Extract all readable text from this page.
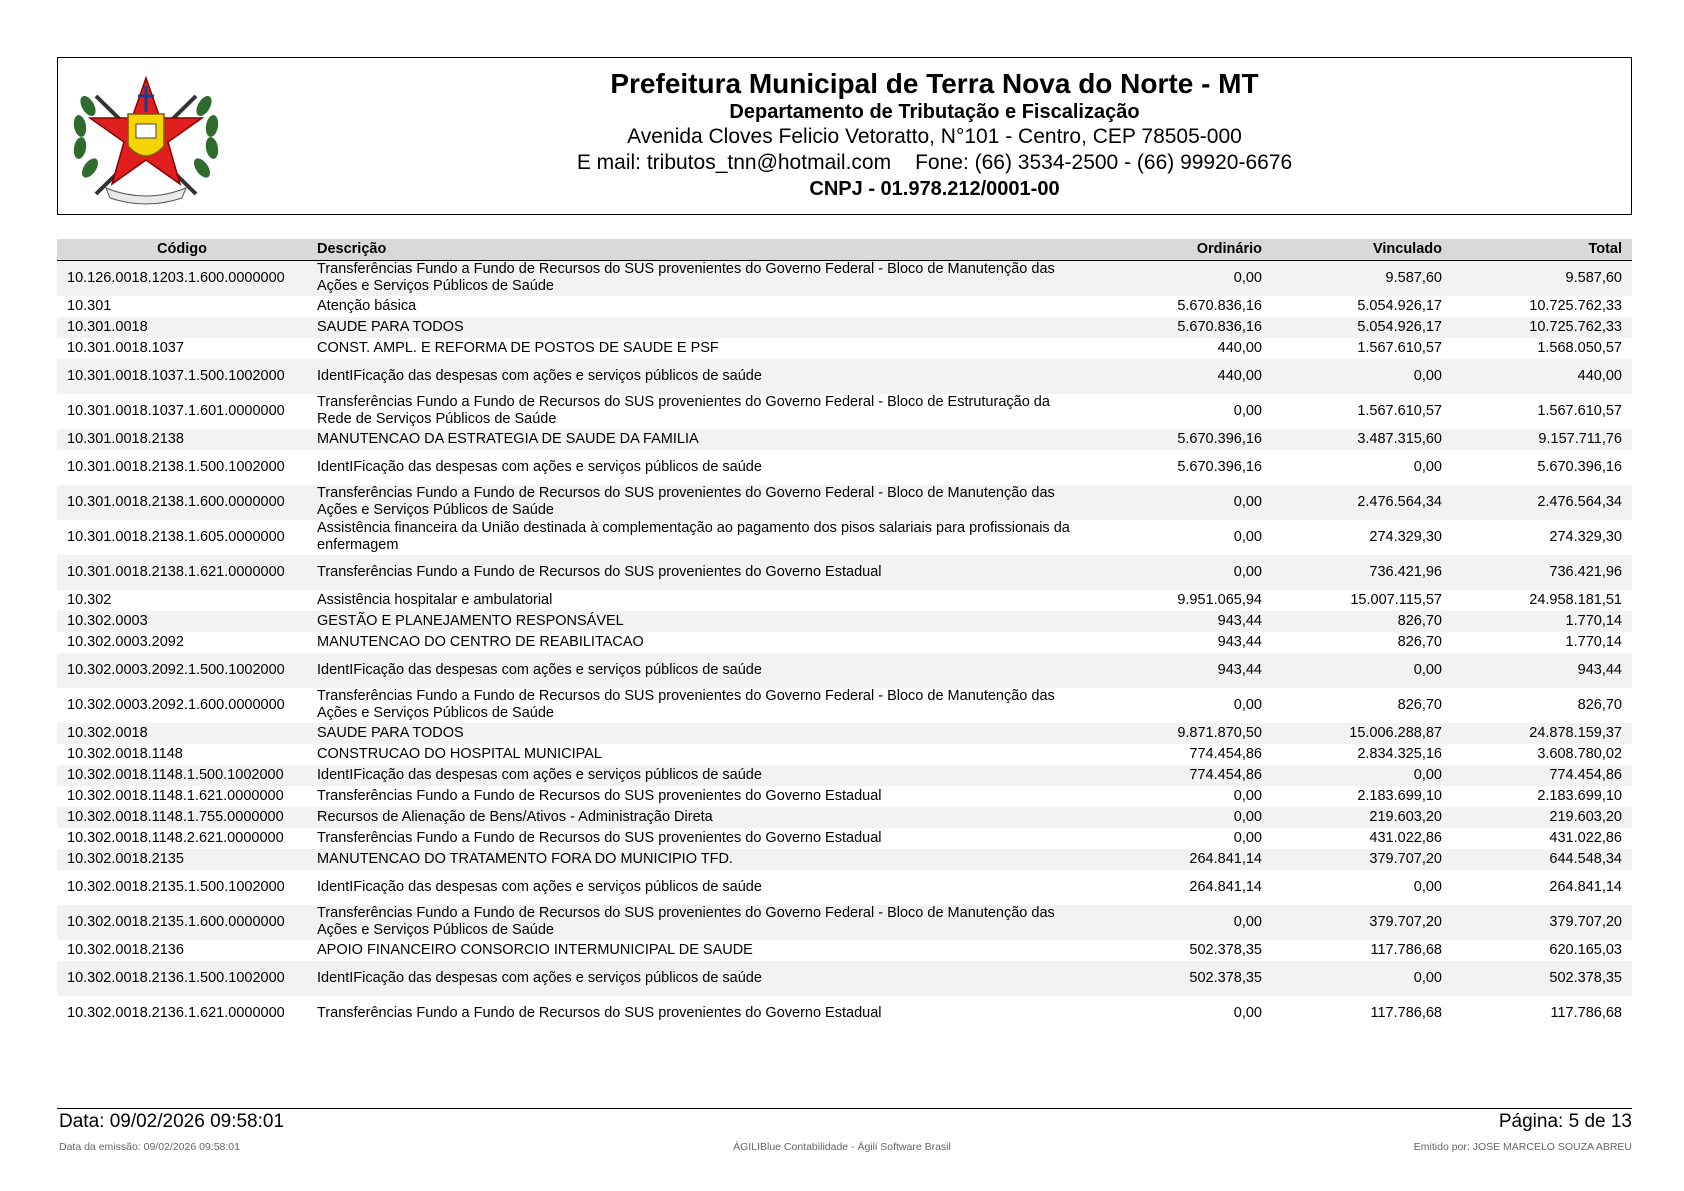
Prefeitura Municipal de Terra Nova do Norte - MT
Departamento de Tributação e Fiscalização
Avenida Cloves Felicio Vetoratto, N°101 - Centro, CEP 78505-000
E mail: tributos_tnn@hotmail.com Fone: (66) 3534-2500 - (66) 99920-6676
CNPJ - 01.978.212/0001-00
Código	Descrição	Ordinário	Vinculado	Total
10.126.0018.1203.1.600.0000000	Transferências Fundo a Fundo de Recursos do SUS provenientes do Governo Federal - Bloco de Manutenção das Ações e Serviços Públicos de Saúde	0,00	9.587,60	9.587,60
10.301	Atenção básica	5.670.836,16	5.054.926,17	10.725.762,33
10.301.0018	SAUDE PARA TODOS	5.670.836,16	5.054.926,17	10.725.762,33
10.301.0018.1037	CONST. AMPL. E REFORMA DE POSTOS DE SAUDE E PSF	440,00	1.567.610,57	1.568.050,57
10.301.0018.1037.1.500.1002000	IdentIFicação das despesas com ações e serviços públicos de saúde	440,00	0,00	440,00
10.301.0018.1037.1.601.0000000	Transferências Fundo a Fundo de Recursos do SUS provenientes do Governo Federal - Bloco de Estruturação da Rede de Serviços Públicos de Saúde	0,00	1.567.610,57	1.567.610,57
10.301.0018.2138	MANUTENCAO DA ESTRATEGIA DE SAUDE DA FAMILIA	5.670.396,16	3.487.315,60	9.157.711,76
10.301.0018.2138.1.500.1002000	IdentIFicação das despesas com ações e serviços públicos de saúde	5.670.396,16	0,00	5.670.396,16
10.301.0018.2138.1.600.0000000	Transferências Fundo a Fundo de Recursos do SUS provenientes do Governo Federal - Bloco de Manutenção das Ações e Serviços Públicos de Saúde	0,00	2.476.564,34	2.476.564,34
10.301.0018.2138.1.605.0000000	Assistência financeira da União destinada à complementação ao pagamento dos pisos salariais para profissionais da enfermagem	0,00	274.329,30	274.329,30
10.301.0018.2138.1.621.0000000	Transferências Fundo a Fundo de Recursos do SUS provenientes do Governo Estadual	0,00	736.421,96	736.421,96
10.302	Assistência hospitalar e ambulatorial	9.951.065,94	15.007.115,57	24.958.181,51
10.302.0003	GESTÃO E PLANEJAMENTO RESPONSÁVEL	943,44	826,70	1.770,14
10.302.0003.2092	MANUTENCAO DO CENTRO DE REABILITACAO	943,44	826,70	1.770,14
10.302.0003.2092.1.500.1002000	IdentIFicação das despesas com ações e serviços públicos de saúde	943,44	0,00	943,44
10.302.0003.2092.1.600.0000000	Transferências Fundo a Fundo de Recursos do SUS provenientes do Governo Federal - Bloco de Manutenção das Ações e Serviços Públicos de Saúde	0,00	826,70	826,70
10.302.0018	SAUDE PARA TODOS	9.871.870,50	15.006.288,87	24.878.159,37
10.302.0018.1148	CONSTRUCAO DO HOSPITAL MUNICIPAL	774.454,86	2.834.325,16	3.608.780,02
10.302.0018.1148.1.500.1002000	IdentIFicação das despesas com ações e serviços públicos de saúde	774.454,86	0,00	774.454,86
10.302.0018.1148.1.621.0000000	Transferências Fundo a Fundo de Recursos do SUS provenientes do Governo Estadual	0,00	2.183.699,10	2.183.699,10
10.302.0018.1148.1.755.0000000	Recursos de Alienação de Bens/Ativos - Administração Direta	0,00	219.603,20	219.603,20
10.302.0018.1148.2.621.0000000	Transferências Fundo a Fundo de Recursos do SUS provenientes do Governo Estadual	0,00	431.022,86	431.022,86
10.302.0018.2135	MANUTENCAO DO TRATAMENTO FORA DO MUNICIPIO TFD.	264.841,14	379.707,20	644.548,34
10.302.0018.2135.1.500.1002000	IdentIFicação das despesas com ações e serviços públicos de saúde	264.841,14	0,00	264.841,14
10.302.0018.2135.1.600.0000000	Transferências Fundo a Fundo de Recursos do SUS provenientes do Governo Federal - Bloco de Manutenção das Ações e Serviços Públicos de Saúde	0,00	379.707,20	379.707,20
10.302.0018.2136	APOIO FINANCEIRO CONSORCIO INTERMUNICIPAL DE SAUDE	502.378,35	117.786,68	620.165,03
10.302.0018.2136.1.500.1002000	IdentIFicação das despesas com ações e serviços públicos de saúde	502.378,35	0,00	502.378,35
10.302.0018.2136.1.621.0000000	Transferências Fundo a Fundo de Recursos do SUS provenientes do Governo Estadual	0,00	117.786,68	117.786,68
Data: 09/02/2026 09:58:01	Página: 5 de 13
Data da emissão: 09/02/2026 09:58:01	ÁGILIBlue Contabilidade - Ágili Software Brasil	Emitido por: JOSE MARCELO SOUZA ABREU
